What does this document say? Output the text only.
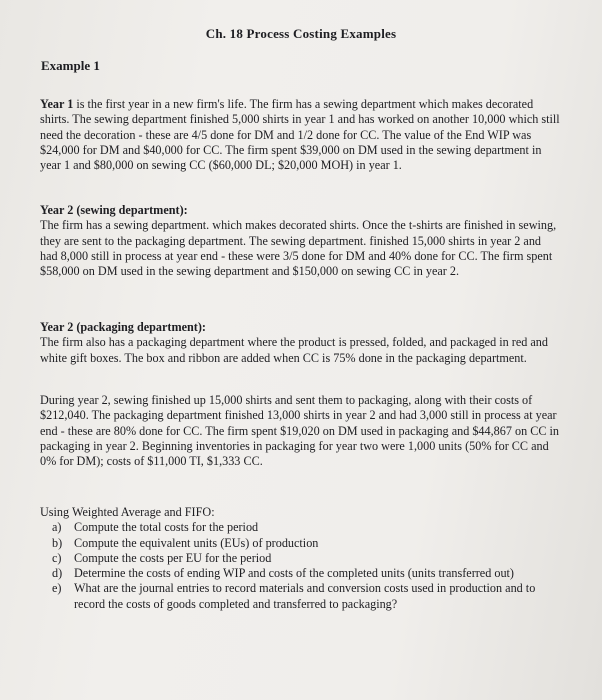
Ch. 18 Process Costing Examples
Example 1

Year 1 is the first year in a new firm's life. The firm has a sewing department which makes decorated shirts. The sewing department finished 5,000 shirts in year 1 and has worked on another 10,000 which still need the decoration - these are 4/5 done for DM and 1/2 done for CC. The value of the End WIP was $24,000 for DM and $40,000 for CC. The firm spent $39,000 on DM used in the sewing department in year 1 and $80,000 on sewing CC ($60,000 DL; $20,000 MOH) in year 1.

Year 2 (sewing department):

The firm has a sewing department. which makes decorated shirts. Once the t-shirts are finished in sewing, they are sent to the packaging department. The sewing department. finished 15,000 shirts in year 2 and had 8,000 still in process at year end - these were 3/5 done for DM and 40% done for CC. The firm spent $58,000 on DM used in the sewing department and $150,000 on sewing CC in year 2.

Year 2 (packaging department):

The firm also has a packaging department where the product is pressed, folded, and packaged in red and white gift boxes. The box and ribbon are added when CC is 75% done in the packaging department.

During year 2, sewing finished up 15,000 shirts and sent them to packaging, along with their costs of $212,040. The packaging department finished 13,000 shirts in year 2 and had 3,000 still in process at year end - these are 80% done for CC. The firm spent $19,020 on DM used in packaging and $44,867 on CC in packaging in year 2. Beginning inventories in packaging for year two were 1,000 units (50% for CC and 0% for DM); costs of $11,000 TI, $1,333 CC.

Using Weighted Average and FIFO:

a)	Compute the total costs for the period
b) Compute the equivalent units (EUs) of production
c)	Compute the costs per EU for the period
d) Determine the costs of ending WIP and costs of the completed units (units transferred out)
e)	What are the journal entries to record materials and conversion costs used in production and to record the costs of goods completed and transferred to packaging?
